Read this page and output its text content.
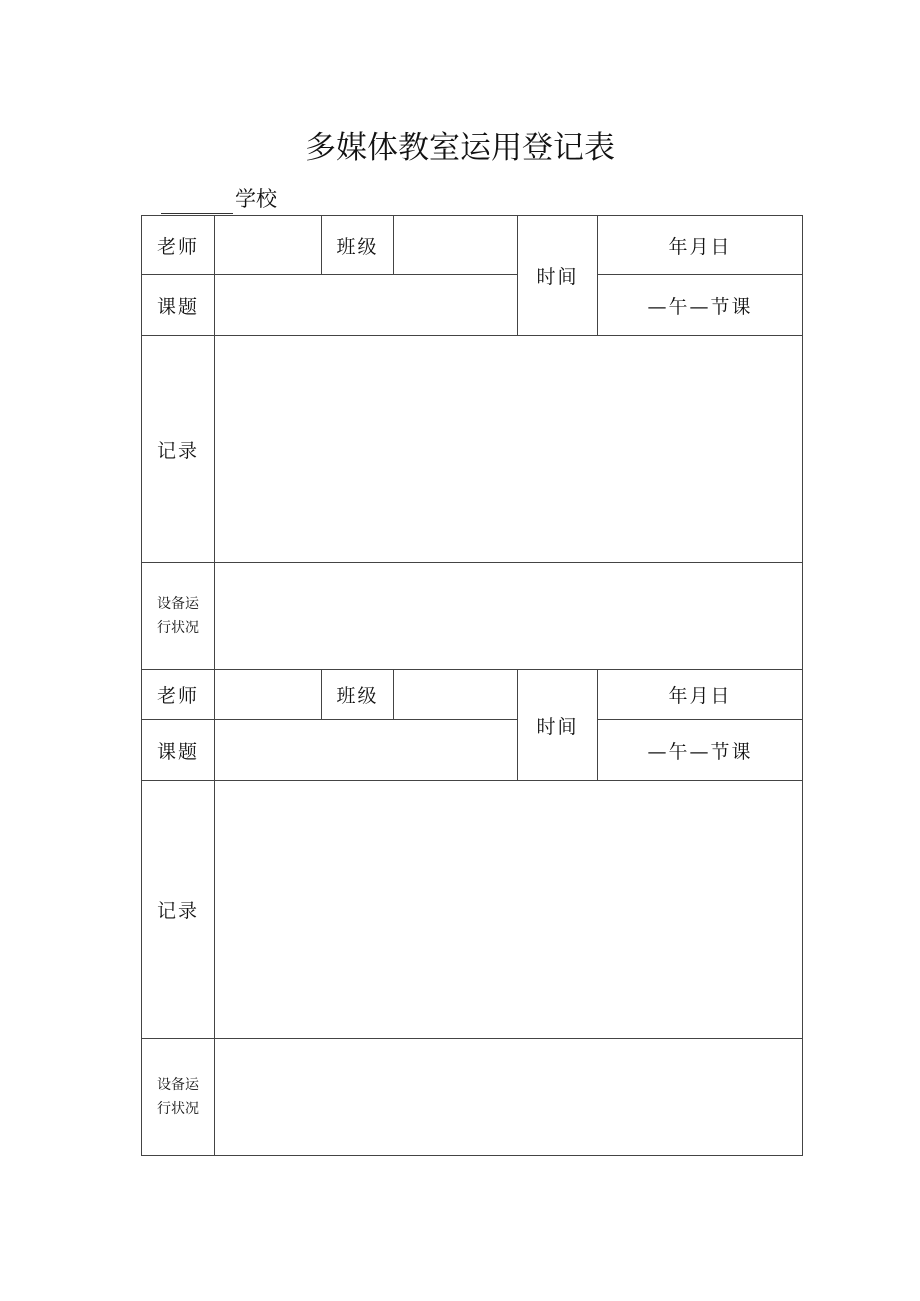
多媒体教室运用登记表
学校
老师		班级		时间	年月日
课题					—午—节课
记录					

设备运
行状况					

老师		班级		时间	年月日
课题					—午—节课
记录					

设备运
行状况					
